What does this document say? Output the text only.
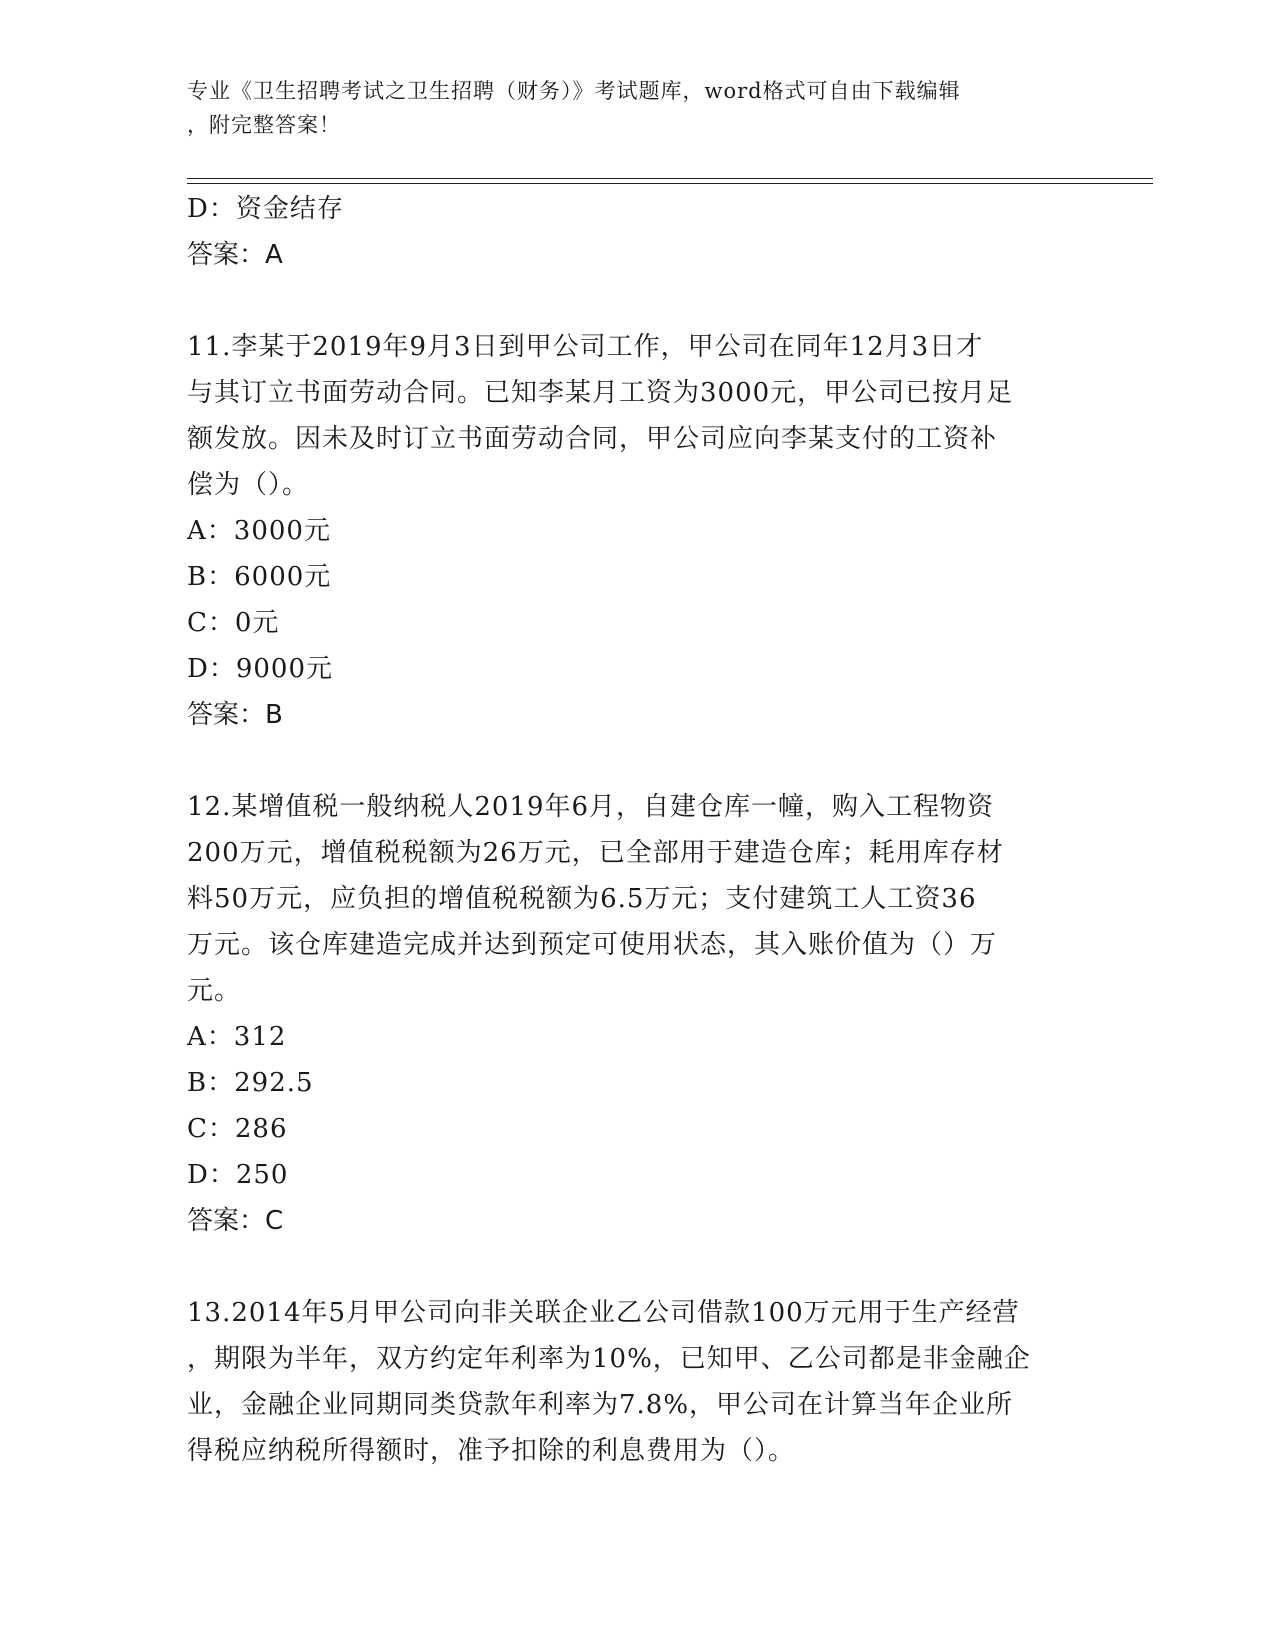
专业《卫生招聘考试之卫生招聘（财务）》考试题库，word格式可自由下载编辑
，附完整答案！
D：资金结存
答案：A
11.李某于2019年9月3日到甲公司工作，甲公司在同年12月3日才
与其订立书面劳动合同。已知李某月工资为3000元，甲公司已按月足
额发放。因未及时订立书面劳动合同，甲公司应向李某支付的工资补
偿为（）。
A：3000元
B：6000元
C：0元
D：9000元
答案：B
12.某增值税一般纳税人2019年6月，自建仓库一幢，购入工程物资
200万元，增值税税额为26万元，已全部用于建造仓库；耗用库存材
料50万元，应负担的增值税税额为6.5万元；支付建筑工人工资36
万元。该仓库建造完成并达到预定可使用状态，其入账价值为（）万
元。
A：312
B：292.5
C：286
D：250
答案：C
13.2014年5月甲公司向非关联企业乙公司借款100万元用于生产经营
，期限为半年，双方约定年利率为10%，已知甲、乙公司都是非金融企
业，金融企业同期同类贷款年利率为7.8%，甲公司在计算当年企业所
得税应纳税所得额时，准予扣除的利息费用为（）。
